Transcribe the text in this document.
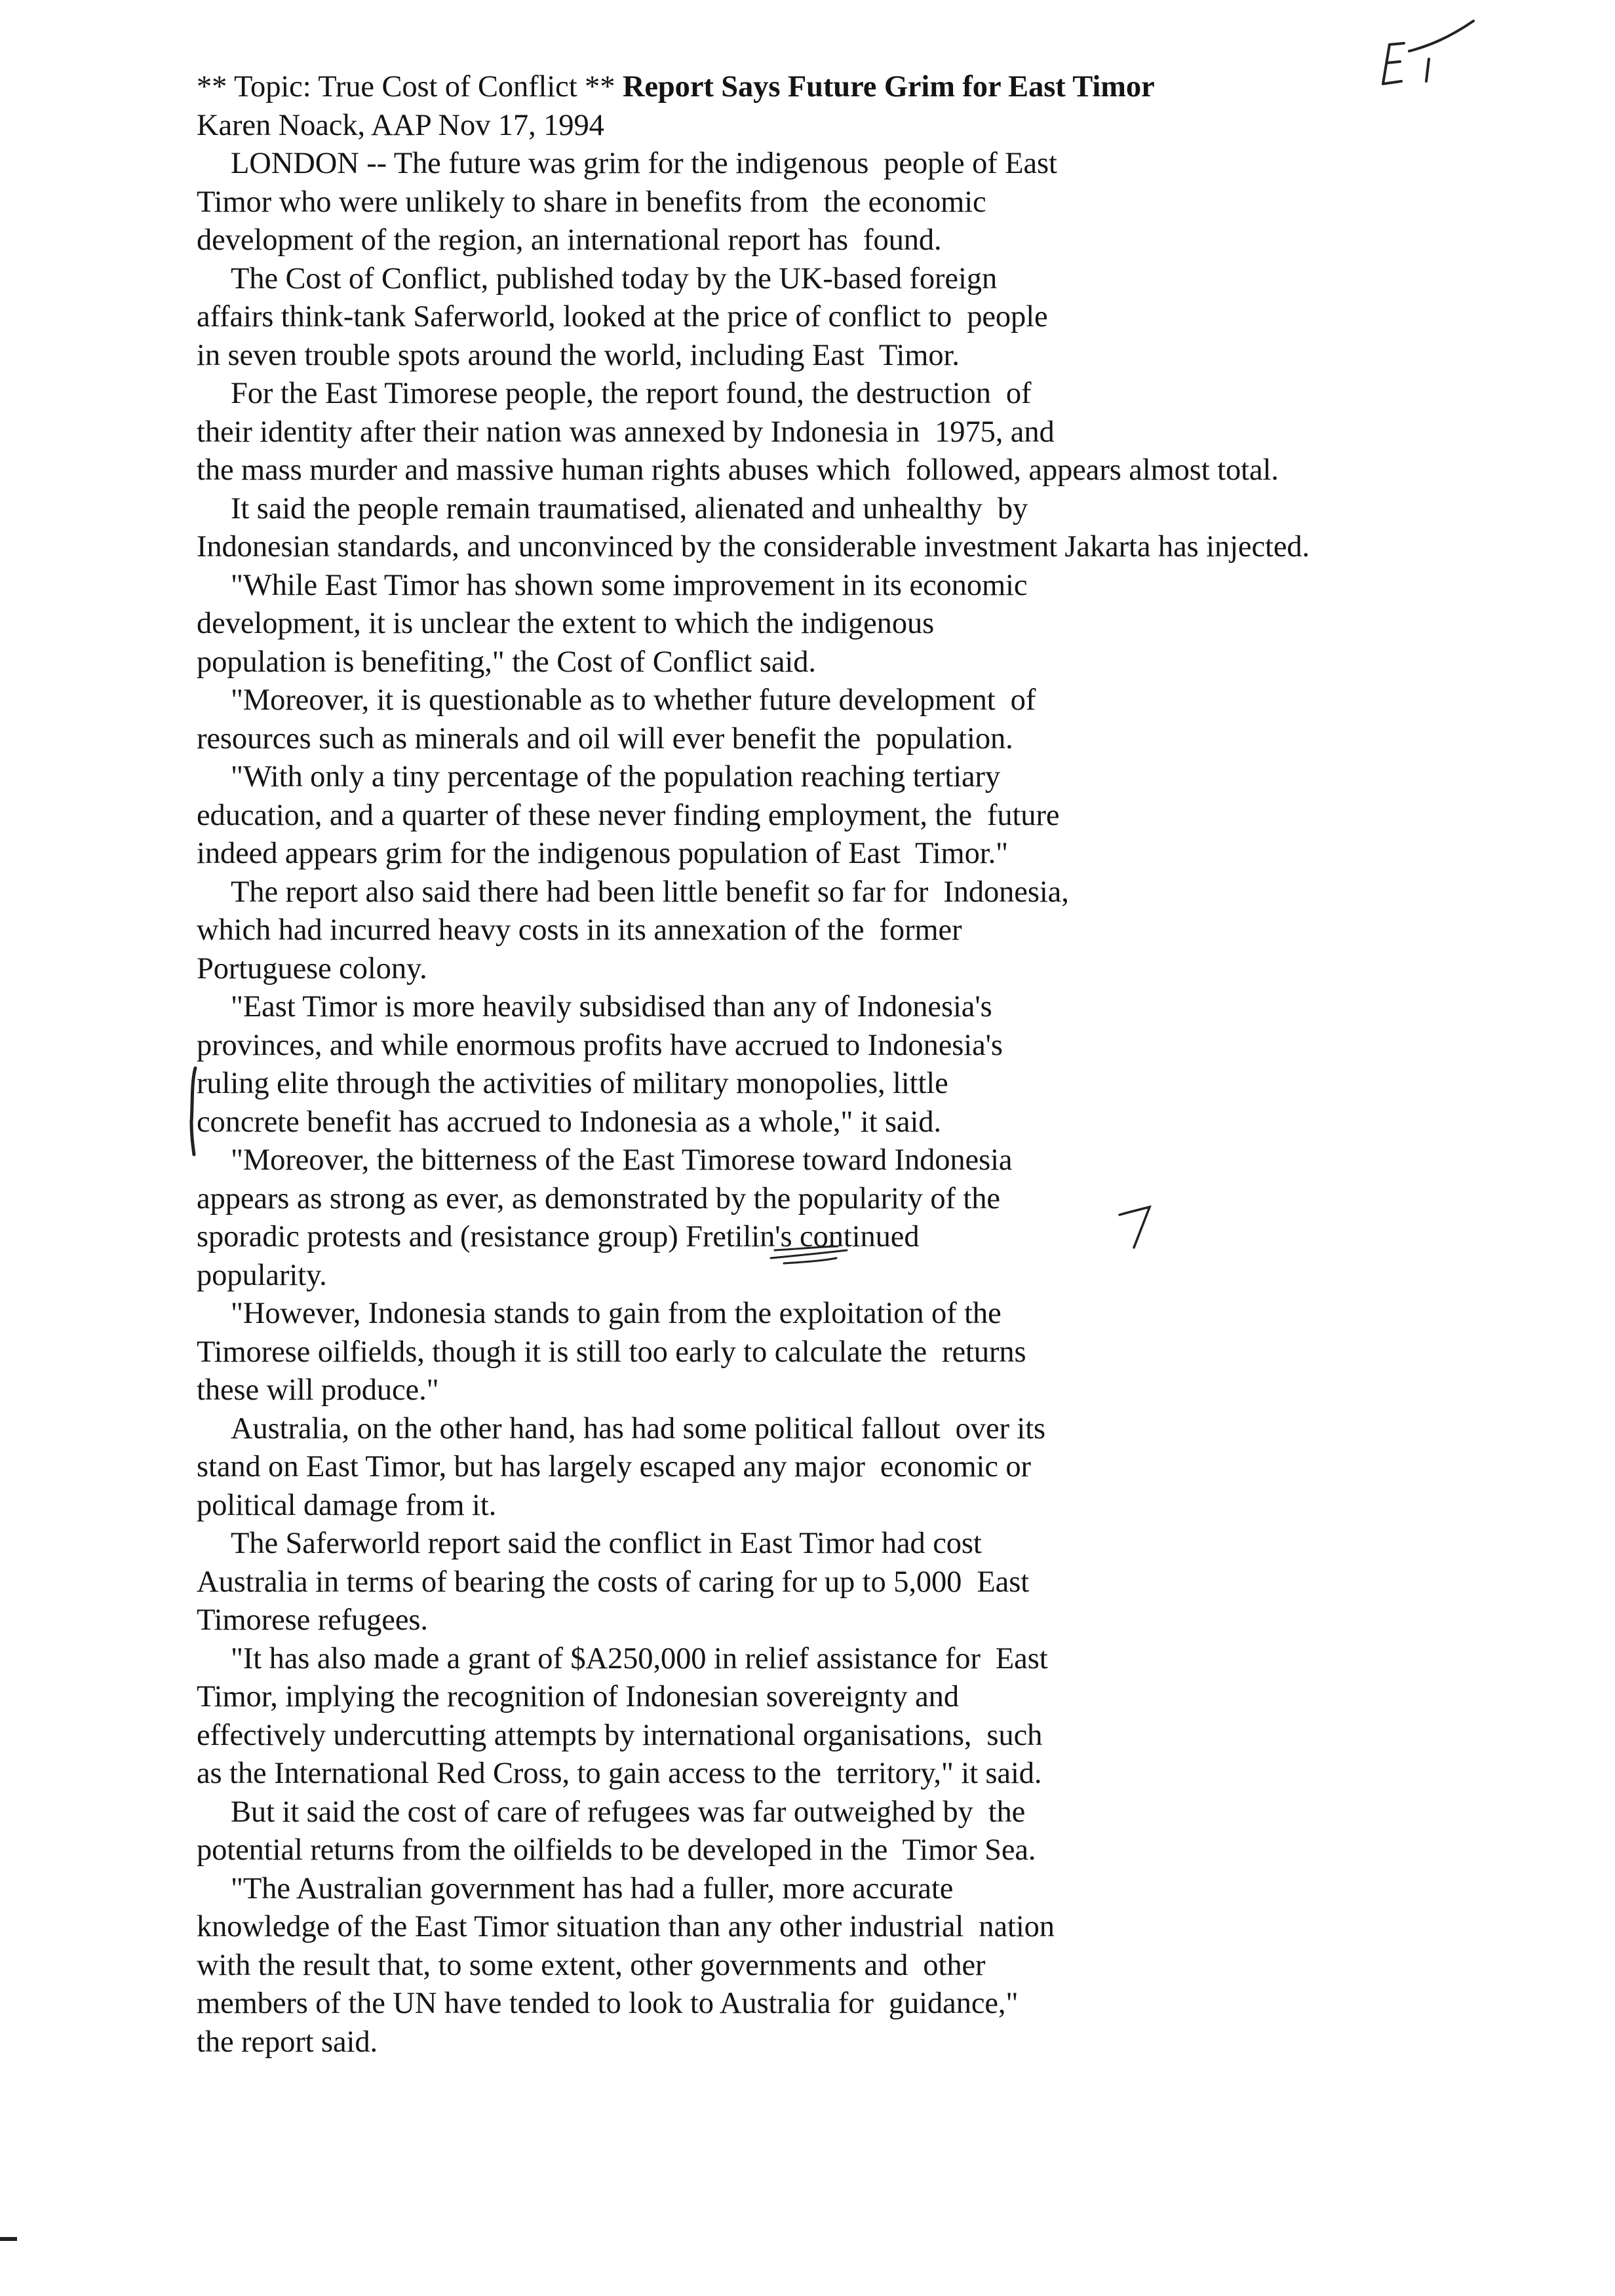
** Topic: True Cost of Conflict ** Report Says Future Grim for East Timor
Karen Noack, AAP Nov 17, 1994
LONDON -- The future was grim for the indigenous  people of East
Timor who were unlikely to share in benefits from  the economic
development of the region, an international report has  found.
The Cost of Conflict, published today by the UK-based foreign
affairs think-tank Saferworld, looked at the price of conflict to  people
in seven trouble spots around the world, including East  Timor.
For the East Timorese people, the report found, the destruction  of
their identity after their nation was annexed by Indonesia in  1975, and
the mass murder and massive human rights abuses which  followed, appears almost total.
It said the people remain traumatised, alienated and unhealthy  by
Indonesian standards, and unconvinced by the considerable investment Jakarta has injected.
"While East Timor has shown some improvement in its economic
development, it is unclear the extent to which the indigenous
population is benefiting," the Cost of Conflict said.
"Moreover, it is questionable as to whether future development  of
resources such as minerals and oil will ever benefit the  population.
"With only a tiny percentage of the population reaching tertiary
education, and a quarter of these never finding employment, the  future
indeed appears grim for the indigenous population of East  Timor."
The report also said there had been little benefit so far for  Indonesia,
which had incurred heavy costs in its annexation of the  former
Portuguese colony.
"East Timor is more heavily subsidised than any of Indonesia's
provinces, and while enormous profits have accrued to Indonesia's
ruling elite through the activities of military monopolies, little
concrete benefit has accrued to Indonesia as a whole," it said.
"Moreover, the bitterness of the East Timorese toward Indonesia
appears as strong as ever, as demonstrated by the popularity of the
sporadic protests and (resistance group) Fretilin's continued
popularity.
"However, Indonesia stands to gain from the exploitation of the
Timorese oilfields, though it is still too early to calculate the  returns
these will produce."
Australia, on the other hand, has had some political fallout  over its
stand on East Timor, but has largely escaped any major  economic or
political damage from it.
The Saferworld report said the conflict in East Timor had cost
Australia in terms of bearing the costs of caring for up to 5,000  East
Timorese refugees.
"It has also made a grant of $A250,000 in relief assistance for  East
Timor, implying the recognition of Indonesian sovereignty and
effectively undercutting attempts by international organisations,  such
as the International Red Cross, to gain access to the  territory," it said.
But it said the cost of care of refugees was far outweighed by  the
potential returns from the oilfields to be developed in the  Timor Sea.
"The Australian government has had a fuller, more accurate
knowledge of the East Timor situation than any other industrial  nation
with the result that, to some extent, other governments and  other
members of the UN have tended to look to Australia for  guidance,"
the report said.
